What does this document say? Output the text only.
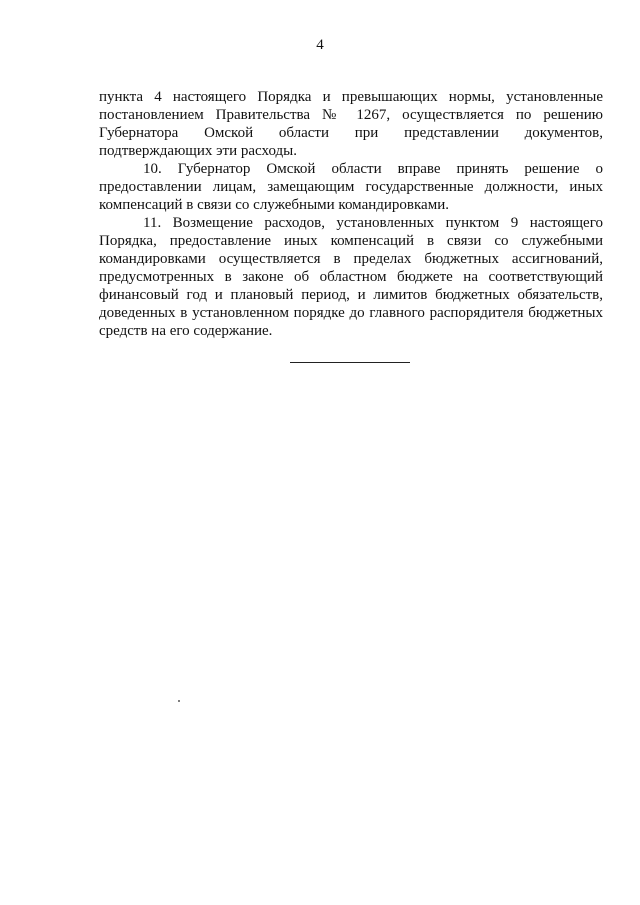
4

пункта 4 настоящего Порядка и превышающих нормы, установленные постановлением Правительства № 1267, осуществляется по решению Губернатора Омской области при представлении документов, подтверждающих эти расходы.

10. Губернатор Омской области вправе принять решение о предоставлении лицам, замещающим государственные должности, иных компенсаций в связи со служебными командировками.

11. Возмещение расходов, установленных пунктом 9 настоящего Порядка, предоставление иных компенсаций в связи со служебными командировками осуществляется в пределах бюджетных ассигнований, предусмотренных в законе об областном бюджете на соответствующий финансовый год и плановый период, и лимитов бюджетных обязательств, доведенных в установленном порядке до главного распорядителя бюджетных средств на его содержание.
